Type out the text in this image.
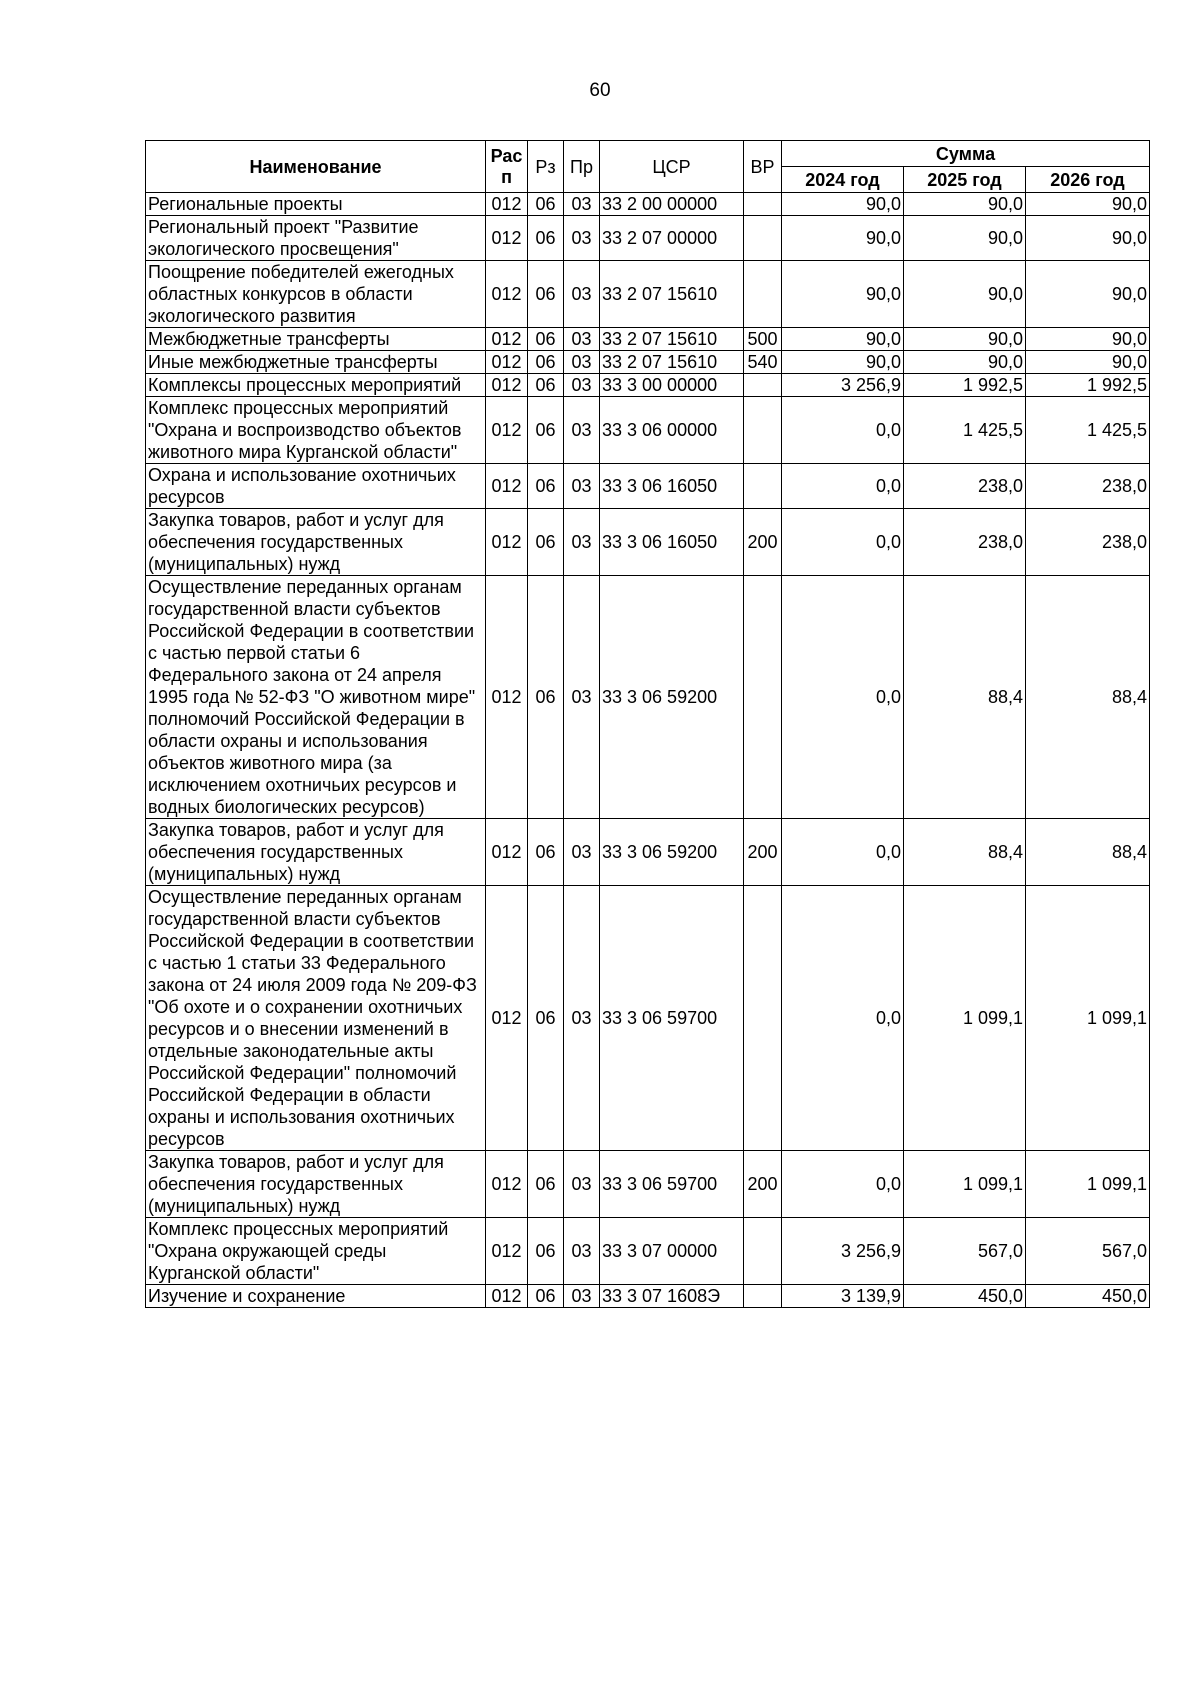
60
Наименование	Рас п	Рз	Пр	ЦСР	ВР	Сумма		
						2024 год	2025 год	2026 год
Региональные проекты	012	06	03	33 2 00 00000		90,0	90,0	90,0
Региональный проект "Развитие экологического просвещения"	012	06	03	33 2 07 00000		90,0	90,0	90,0
Поощрение победителей ежегодных областных конкурсов в области экологического развития	012	06	03	33 2 07 15610		90,0	90,0	90,0
Межбюджетные трансферты	012	06	03	33 2 07 15610	500	90,0	90,0	90,0
Иные межбюджетные трансферты	012	06	03	33 2 07 15610	540	90,0	90,0	90,0
Комплексы процессных мероприятий	012	06	03	33 3 00 00000		3 256,9	1 992,5	1 992,5
Комплекс процессных мероприятий "Охрана и воспроизводство объектов животного мира Курганской области"	012	06	03	33 3 06 00000		0,0	1 425,5	1 425,5
Охрана и использование охотничьих ресурсов	012	06	03	33 3 06 16050		0,0	238,0	238,0
Закупка товаров, работ и услуг для обеспечения государственных (муниципальных) нужд	012	06	03	33 3 06 16050	200	0,0	238,0	238,0
Осуществление переданных органам государственной власти субъектов Российской Федерации в соответствии с частью первой статьи 6 Федерального закона от 24 апреля 1995 года № 52-ФЗ "О животном мире" полномочий Российской Федерации в области охраны и использования объектов животного мира (за исключением охотничьих ресурсов и водных биологических ресурсов)	012	06	03	33 3 06 59200		0,0	88,4	88,4
Закупка товаров, работ и услуг для обеспечения государственных (муниципальных) нужд	012	06	03	33 3 06 59200	200	0,0	88,4	88,4
Осуществление переданных органам государственной власти субъектов Российской Федерации в соответствии с частью 1 статьи 33 Федерального закона от 24 июля 2009 года № 209-ФЗ "Об охоте и о сохранении охотничьих ресурсов и о внесении изменений в отдельные законодательные акты Российской Федерации" полномочий Российской Федерации в области охраны и использования охотничьих ресурсов	012	06	03	33 3 06 59700		0,0	1 099,1	1 099,1
Закупка товаров, работ и услуг для обеспечения государственных (муниципальных) нужд	012	06	03	33 3 06 59700	200	0,0	1 099,1	1 099,1
Комплекс процессных мероприятий "Охрана окружающей среды Курганской области"	012	06	03	33 3 07 00000		3 256,9	567,0	567,0
Изучение и сохранение	012	06	03	33 3 07 1608Э		3 139,9	450,0	450,0
